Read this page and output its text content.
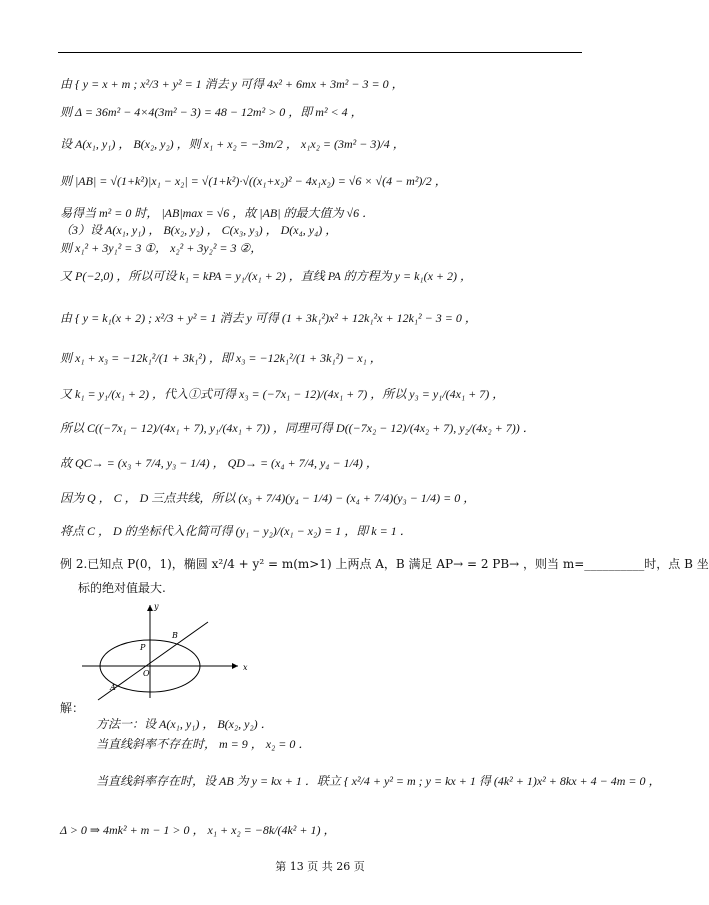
由 { y = x + m ; x²/3 + y² = 1 消去 y 可得 4x² + 6mx + 3m² − 3 = 0 ，
则 Δ = 36m² − 4×4(3m² − 3) = 48 − 12m² > 0 ，即 m² < 4 ，
设 A(x₁, y₁) ， B(x₂, y₂) ，则 x₁ + x₂ = −3m/2 ， x₁x₂ = (3m² − 3)/4 ，
则 |AB| = √(1+k²)|x₁ − x₂| = √(1+k²)·√((x₁+x₂)² − 4x₁x₂) = √6 × √(4 − m²)/2 ，
易得当 m² = 0 时， |AB|max = √6 ，故 |AB| 的最大值为 √6 ．
（3）设 A(x₁, y₁) ， B(x₂, y₂) ， C(x₃, y₃) ， D(x₄, y₄) ，
则 x₁² + 3y₁² = 3 ①， x₂² + 3y₂² = 3 ②，
又 P(−2,0) ，所以可设 k₁ = kPA = y₁/(x₁ + 2) ，直线 PA 的方程为 y = k₁(x + 2) ，
由 { y = k₁(x + 2) ; x²/3 + y² = 1 消去 y 可得 (1 + 3k₁²)x² + 12k₁²x + 12k₁² − 3 = 0 ，
则 x₁ + x₃ = −12k₁²/(1 + 3k₁²) ，即 x₃ = −12k₁²/(1 + 3k₁²) − x₁ ，
又 k₁ = y₁/(x₁ + 2) ，代入①式可得 x₃ = (−7x₁ − 12)/(4x₁ + 7) ，所以 y₃ = y₁/(4x₁ + 7) ，
所以 C((−7x₁ − 12)/(4x₁ + 7), y₁/(4x₁ + 7)) ，同理可得 D((−7x₂ − 12)/(4x₂ + 7), y₂/(4x₂ + 7)) ．
故 QC→ = (x₃ + 7/4, y₃ − 1/4) ， QD→ = (x₄ + 7/4, y₄ − 1/4) ，
因为 Q ， C ， D 三点共线，所以 (x₃ + 7/4)(y₄ − 1/4) − (x₄ + 7/4)(y₃ − 1/4) = 0 ，
将点 C ， D 的坐标代入化简可得 (y₁ − y₂)/(x₁ − x₂) = 1 ，即 k = 1 ．
例 2.已知点 P(0，1)，椭圆 x²/4 + y² = m(m>1) 上两点 A，B 满足 AP→ = 2 PB→ ，则当 m=__________时，点 B 坐
标的绝对值最大.
x
y
O
P
A
B
解：
方法一：设 A(x₁, y₁) ， B(x₂, y₂) ．
当直线斜率不存在时， m = 9 ， x₂ = 0 ．
当直线斜率存在时，设 AB 为 y = kx + 1 ．联立 { x²/4 + y² = m ; y = kx + 1 得 (4k² + 1)x² + 8kx + 4 − 4m = 0 ，
Δ > 0 ⇒ 4mk² + m − 1 > 0 ， x₁ + x₂ = −8k/(4k² + 1) ，
第 13 页 共 26 页
